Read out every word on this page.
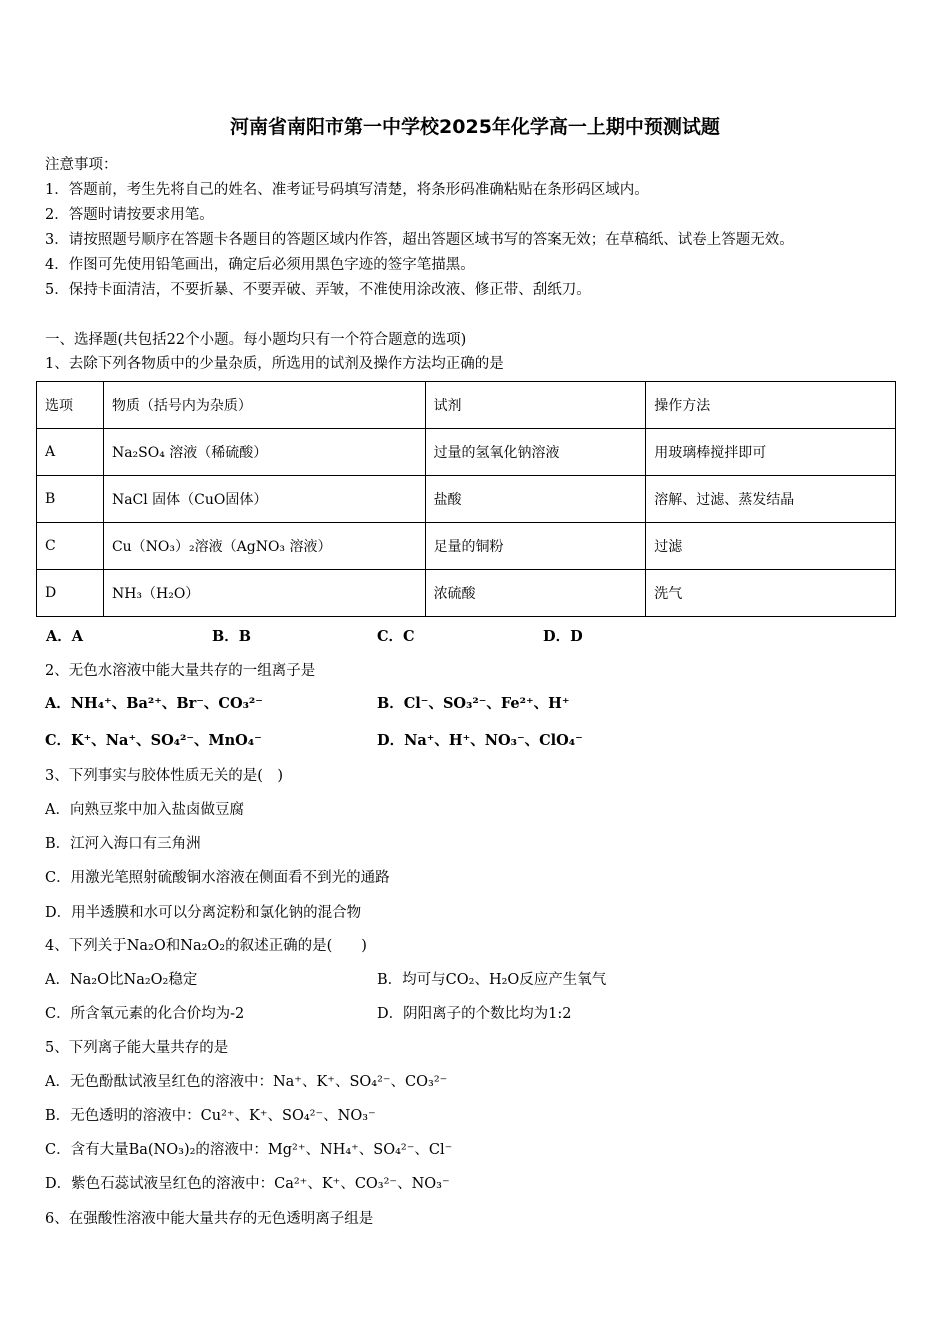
河南省南阳市第一中学校2025年化学高一上期中预测试题
注意事项：
1．答题前，考生先将自己的姓名、准考证号码填写清楚，将条形码准确粘贴在条形码区域内。
2．答题时请按要求用笔。
3．请按照题号顺序在答题卡各题目的答题区域内作答，超出答题区域书写的答案无效；在草稿纸、试卷上答题无效。
4．作图可先使用铅笔画出，确定后必须用黑色字迹的签字笔描黑。
5．保持卡面清洁，不要折暴、不要弄破、弄皱，不准使用涂改液、修正带、刮纸刀。
一、选择题(共包括22个小题。每小题均只有一个符合题意的选项)
1、去除下列各物质中的少量杂质，所选用的试剂及操作方法均正确的是
选项	物质（括号内为杂质）	试剂	操作方法
A	Na₂SO₄ 溶液（稀硫酸）	过量的氢氧化钠溶液	用玻璃棒搅拌即可
B	NaCl 固体（CuO固体）	盐酸	溶解、过滤、蒸发结晶
C	Cu（NO₃）₂溶液（AgNO₃ 溶液）	足量的铜粉	过滤
D	NH₃（H₂O）	浓硫酸	洗气
A．A	B．B	C．C	D．D
2、无色水溶液中能大量共存的一组离子是
A．NH₄⁺、Ba²⁺、Br⁻、CO₃²⁻	B．Cl⁻、SO₃²⁻、Fe²⁺、H⁺
C．K⁺、Na⁺、SO₄²⁻、MnO₄⁻	D．Na⁺、H⁺、NO₃⁻、ClO₄⁻
3、下列事实与胶体性质无关的是(　)
A．向熟豆浆中加入盐卤做豆腐
B．江河入海口有三角洲
C．用激光笔照射硫酸铜水溶液在侧面看不到光的通路
D．用半透膜和水可以分离淀粉和氯化钠的混合物
4、下列关于Na₂O和Na₂O₂的叙述正确的是(　　)
A．Na₂O比Na₂O₂稳定	B．均可与CO₂、H₂O反应产生氧气
C．所含氧元素的化合价均为-2	D．阴阳离子的个数比均为1:2
5、下列离子能大量共存的是
A．无色酚酞试液呈红色的溶液中：Na⁺、K⁺、SO₄²⁻、CO₃²⁻
B．无色透明的溶液中：Cu²⁺、K⁺、SO₄²⁻、NO₃⁻
C．含有大量Ba(NO₃)₂的溶液中：Mg²⁺、NH₄⁺、SO₄²⁻、Cl⁻
D．紫色石蕊试液呈红色的溶液中：Ca²⁺、K⁺、CO₃²⁻、NO₃⁻
6、在强酸性溶液中能大量共存的无色透明离子组是
